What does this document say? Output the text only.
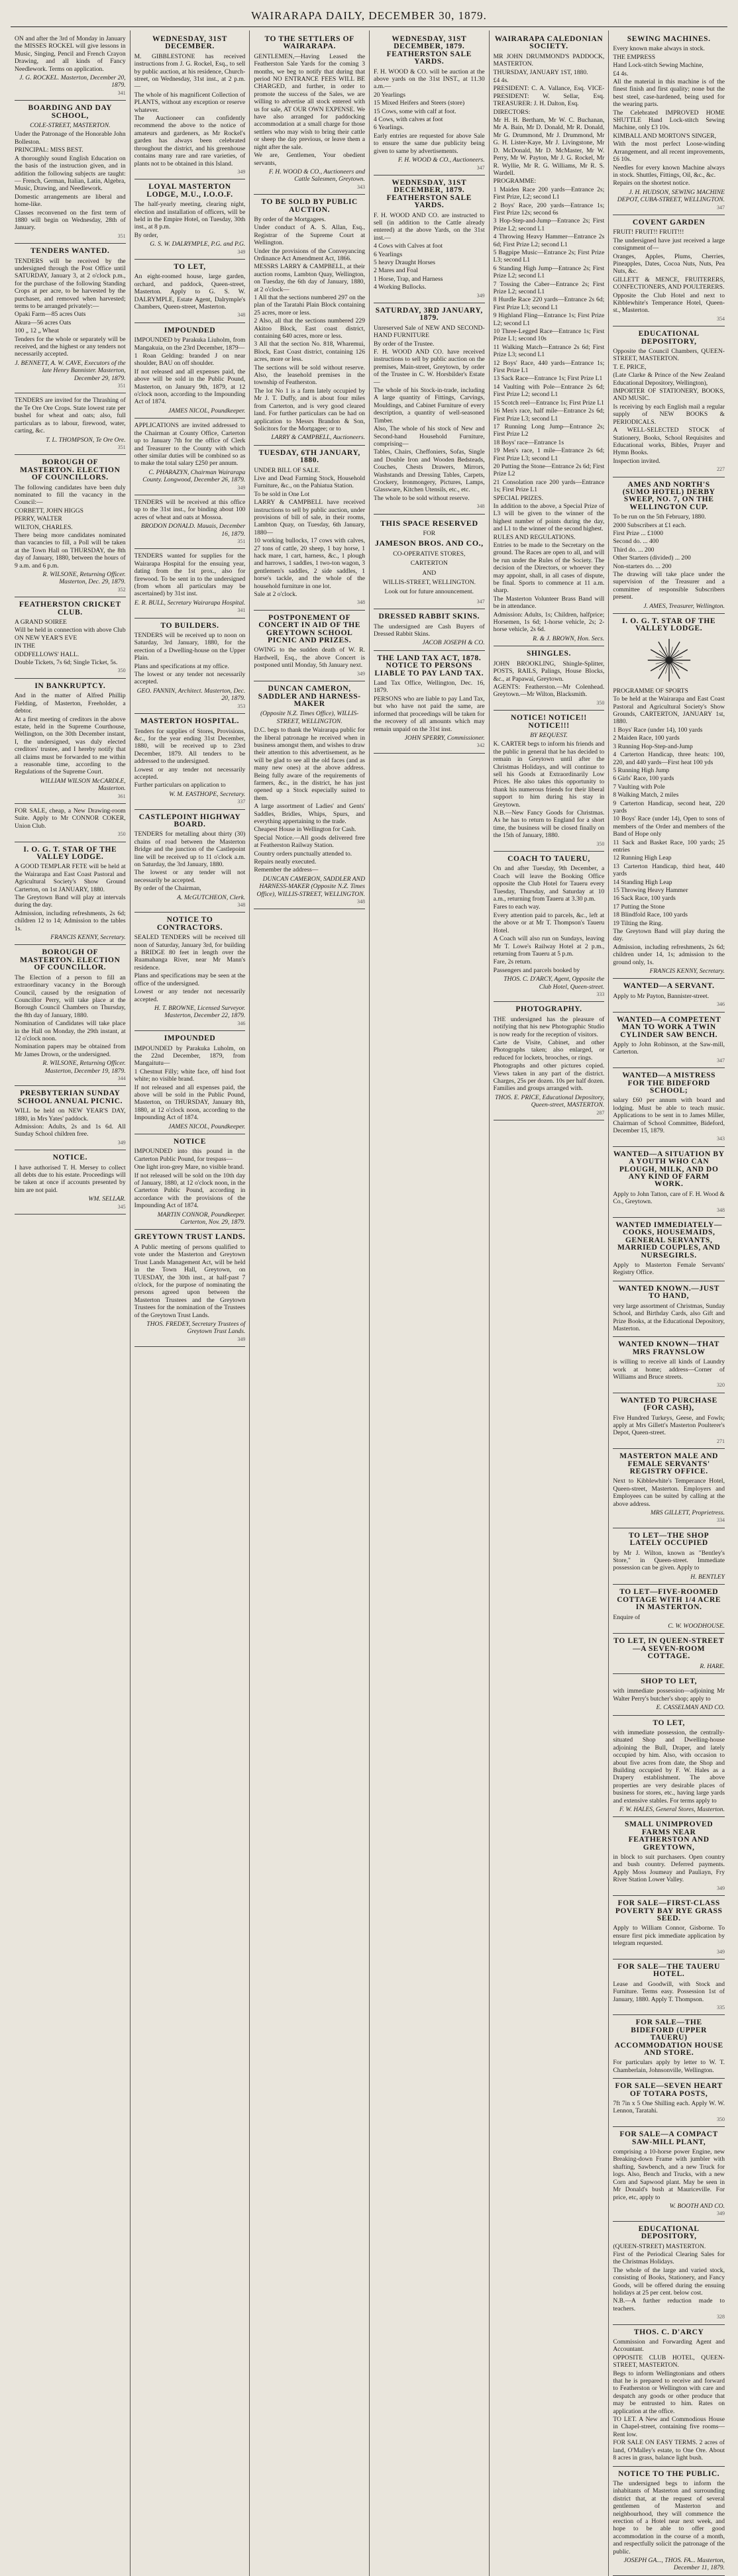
WAIRARAPA DAILY, DECEMBER 30, 1879.
ON and after the 3rd of Monday in January the MISSES ROCKEL will give lessons in Music, Singing, Pencil and French Crayon Drawing, and all kinds of Fancy Needlework. Terms on application.
J. G. ROCKEL. Masterton, December 20, 1879.
341
BOARDING AND DAY SCHOOL,
COLE-STREET, MASTERTON.
Under the Patronage of the Honorable John Bolleston.
PRINCIPAL: MISS BEST.
A thoroughly sound English Education on the basis of the instruction given, and in addition the following subjects are taught:— French, German, Italian, Latin, Algebra, Music, Drawing, and Needlework.
Domestic arrangements are liberal and home-like.
Classes reconvened on the first term of 1880 will begin on Wednesday, 28th of January.
351
TENDERS WANTED.
TENDERS will be received by the undersigned through the Post Office until SATURDAY, January 3, at 2 o'clock p.m., for the purchase of the following Standing Crops at per acre, to be harvested by the purchaser, and removed when harvested; terms to be arranged privately:—
Opaki Farm—85 acres Oats
Akura—56 acres Oats
100 „ 12 „ Wheat
Tenders for the whole or separately will be received, and the highest or any tenders not necessarily accepted.
J. BENNETT, A. W. CAVE, Executors of the late Henry Bannister. Masterton, December 29, 1879.
351
TENDERS are invited for the Thrashing of the Te Ore Ore Crops. State lowest rate per bushel for wheat and oats; also, full particulars as to labour, firewood, water, carting, &c.
T. L. THOMPSON, Te Ore Ore.
351
BOROUGH OF MASTERTON. ELECTION OF COUNCILLORS.
The following candidates have been duly nominated to fill the vacancy in the Council:—
CORBETT, JOHN HIGGS
PERRY, WALTER
WILTON, CHARLES.
There being more candidates nominated than vacancies to fill, a Poll will be taken at the Town Hall on THURSDAY, the 8th day of January, 1880, between the hours of 9 a.m. and 6 p.m.
R. WILSONE, Returning Officer. Masterton, Dec. 29, 1879.
352
FEATHERSTON CRICKET CLUB.
A GRAND SOIREE
Will be held in connection with above Club ON NEW YEAR'S EVE
IN THE
ODDFELLOWS' HALL.
Double Tickets, 7s 6d; Single Ticket, 5s.
350
IN BANKRUPTCY.
And in the matter of Alfred Phillip Fielding, of Masterton, Freeholder, a debtor.
At a first meeting of creditors in the above estate, held in the Supreme Courthouse, Wellington, on the 30th December instant, I, the undersigned, was duly elected creditors' trustee, and I hereby notify that all claims must be forwarded to me within a reasonable time, according to the Regulations of the Supreme Court.
WILLIAM WILSON McCARDLE, Masterton.
361
FOR SALE, cheap, a New Drawing-room Suite. Apply to Mr CONNOR COKER, Union Club.
350
I. O. G. T. STAR OF THE VALLEY LODGE.
A GOOD TEMPLAR FETE will be held at the Wairarapa and East Coast Pastoral and Agricultural Society's Show Ground Carterton, on 1st JANUARY, 1880.
The Greytown Band will play at intervals during the day.
Admission, including refreshments, 2s 6d; children 12 to 14; Admission to the tables 1s.
FRANCIS KENNY, Secretary.
BOROUGH OF MASTERTON. ELECTION OF COUNCILLOR.
The Election of a person to fill an extraordinary vacancy in the Borough Council, caused by the resignation of Councillor Perry, will take place at the Borough Council Chambers on Thursday, the 8th day of January, 1880.
Nomination of Candidates will take place in the Hall on Monday, the 29th instant, at 12 o'clock noon.
Nomination papers may be obtained from Mr James Drown, or the undersigned.
R. WILSONE, Returning Officer. Masterton, December 19, 1879.
344
PRESBYTERIAN SUNDAY SCHOOL ANNUAL PICNIC.
WILL be held on NEW YEAR'S DAY, 1880, in Mrs Yates' paddock.
Admission: Adults, 2s and 1s 6d. All Sunday School children free.
349
NOTICE.
I have authorised T. H. Mersey to collect all debts due to his estate. Proceedings will be taken at once if accounts presented by him are not paid.
WM. SELLAR.
345
WEDNESDAY, 31ST DECEMBER.
M. GIBBLESTONE has received instructions from J. G. Rockel, Esq., to sell by public auction, at his residence, Church-street, on Wednesday, 31st inst., at 2 p.m.—
The whole of his magnificent Collection of PLANTS, without any exception or reserve whatever.
The Auctioneer can confidently recommend the above to the notice of amateurs and gardeners, as Mr Rockel's garden has always been celebrated throughout the district, and his greenhouse contains many rare and rare varieties, of plants not to be obtained in this Island.
349
LOYAL MASTERTON LODGE, M.U., I.O.O.F.
The half-yearly meeting, clearing night, election and installation of officers, will be held in the Empire Hotel, on Tuesday, 30th inst., at 8 p.m.
By order,
G. S. W. DALRYMPLE, P.G. and P.G.
349
TO LET,
An eight-roomed house, large garden, orchard, and paddock, Queen-street, Masterton. Apply to G. S. W. DALRYMPLE, Estate Agent, Dalrymple's Chambers, Queen-street, Masterton.
348
IMPOUNDED
IMPOUNDED by Parakuka Liuholm, from Mangakuia, on the 23rd December, 1879—
1 Roan Gelding: branded J on near shoulder, BAU on off shoulder.
If not released and all expenses paid, the above will be sold in the Public Pound, Masterton, on January 9th, 1879, at 12 o'clock noon, according to the Impounding Act of 1874.
JAMES NICOL, Poundkeeper.
APPLICATIONS are invited addressed to the Chairman at County Office, Carterton up to January 7th for the office of Clerk and Treasurer to the County with which other similar duties will be combined so as to make the total salary £250 per annum.
C. PHARAZYN, Chairman Wairarapa County. Longwood, December 26, 1879.
349
TENDERS will be received at this office up to the 31st inst., for binding about 100 acres of wheat and oats at Mossoa.
BRODON DONALD. Mauais, December 16, 1879.
351
TENDERS wanted for supplies for the Wairarapa Hospital for the ensuing year, dating from the 1st prox., also for firewood. To be sent in to the undersigned (from whom all particulars may be ascertained) by 31st inst.
E. R. BULL, Secretary Wairarapa Hospital.
341
TO BUILDERS.
TENDERS will be received up to noon on Saturday, 3rd January, 1880, for the erection of a Dwelling-house on the Upper Plain.
Plans and specifications at my office.
The lowest or any tender not necessarily accepted.
GEO. FANNIN, Architect. Masterton, Dec. 20, 1879.
353
MASTERTON HOSPITAL.
Tenders for supplies of Stores, Provisions, &c., for the year ending 31st December, 1880, will be received up to 23rd December, 1879. All tenders to be addressed to the undersigned.
Lowest or any tender not necessarily accepted.
Further particulars on application to
W. M. EASTHOPE, Secretary.
337
CASTLEPOINT HIGHWAY BOARD.
TENDERS for metalling about thirty (30) chains of road between the Masterton Bridge and the junction of the Castlepoint line will be received up to 11 o'clock a.m. on Saturday, the 3rd January, 1880.
The lowest or any tender will not necessarily be accepted.
By order of the Chairman,
A. McGUTCHEON, Clerk.
348
NOTICE TO CONTRACTORS.
SEALED TENDERS will be received till noon of Saturday, January 3rd, for building a BRIDGE 80 feet in length over the Ruamahanga River, near Mr Mann's residence.
Plans and specifications may be seen at the office of the undersigned.
Lowest or any tender not necessarily accepted.
H. T. BROWNE, Licensed Surveyor. Masterton, December 22, 1879.
346
IMPOUNDED
IMPOUNDED by Parakuka Luholm, on the 22nd December, 1879, from Mangaitutu—
1 Chestnut Filly; white face, off hind foot white; no visible brand.
If not released and all expenses paid, the above will be sold in the Public Pound, Masterton, on THURSDAY, January 8th, 1880, at 12 o'clock noon, according to the Impounding Act of 1874.
JAMES NICOL, Poundkeeper.
NOTICE
IMPOUNDED into this pound in the Carterton Public Pound, for trespass—
One light iron-grey Mare, no visible brand.
If not released will be sold on the 10th day of January, 1880, at 12 o'clock noon, in the Carterton Public Pound, according in accordance with the provisions of the Impounding Act of 1874.
MARTIN CONNOR, Poundkeeper. Carterton, Nov. 29, 1879.
GREYTOWN TRUST LANDS.
A Public meeting of persons qualified to vote under the Masterton and Greytown Trust Lands Management Act, will be held in the Town Hall, Greytown, on TUESDAY, the 30th inst., at half-past 7 o'clock, for the purpose of nominating the persons agreed upon between the Masterton Trustees and the Greytown Trustees for the nomination of the Trustees of the Greytown Trust Lands.
THOS. FREDEY, Secretary Trustees of Greytown Trust Lands.
349
TO THE SETTLERS OF WAIRARAPA.
GENTLEMEN,—Having Leased the Featherston Sale Yards for the coming 3 months, we beg to notify that during that period NO ENTRANCE FEES WILL BE CHARGED, and further, in order to promote the success of the Sales, we are willing to advertise all stock entered with us for sale, AT OUR OWN EXPENSE. We have also arranged for paddocking accommodation at a small charge for those settlers who may wish to bring their cattle or sheep the day previous, or leave them a night after the sale.
We are, Gentlemen, Your obedient servants,
F. H. WOOD & CO., Auctioneers and Cattle Salesmen, Greytown.
343
TO BE SOLD BY PUBLIC AUCTION.
By order of the Mortgagees.
Under conduct of A. S. Allan, Esq., Registrar of the Supreme Court at Wellington.
Under the provisions of the Conveyancing Ordinance Act Amendment Act, 1866.
MESSRS LARRY & CAMPBELL, at their auction rooms, Lambton Quay, Wellington, on Tuesday, the 6th day of January, 1880, at 2 o'clock—
1 All that the sections numbered 297 on the plan of the Taratahi Plain Block containing 25 acres, more or less.
2 Also, all that the sections numbered 229 Akitoo Block, East coast district, containing 640 acres, more or less.
3 All that the section No. 818, Wharemui, Block, East Coast district, containing 126 acres, more or less.
The sections will be sold without reserve. Also, the leasehold premises in the township of Featherston.
The lot No 1 is a farm lately occupied by Mr J. T. Duffy, and is about four miles from Carterton, and is very good cleared land. For further particulars can be had on application to Messrs Brandon & Son, Solicitors for the Mortgagee; or to
LARRY & CAMPBELL, Auctioneers.
TUESDAY, 6TH JANUARY, 1880.
UNDER BILL OF SALE.
Live and Dead Farming Stock, Household Furniture, &c., on the Pahiatua Station.
To be sold in One Lot
LARRY & CAMPBELL have received instructions to sell by public auction, under provisions of bill of sale, in their rooms, Lambton Quay, on Tuesday, 6th January, 1880—
10 working bullocks, 17 cows with calves, 27 tons of cattle, 20 sheep, 1 bay horse, 1 hack mare, 1 cart, harness, &c., 1 plough and harrows, 1 saddles, 1 two-ton wagon, 3 gentlemen's saddles, 2 side saddles, 1 horse's tackle, and the whole of the household furniture in one lot.
Sale at 2 o'clock.
348
POSTPONEMENT OF CONCERT IN AID OF THE GREYTOWN SCHOOL PICNIC AND PRIZES.
OWING to the sudden death of W. R. Hardwell, Esq., the above Concert is postponed until Monday, 5th January next.
349
DUNCAN CAMERON, SADDLER AND HARNESS-MAKER
(Opposite N.Z. Times Office), WILLIS-STREET, WELLINGTON.
D.C. begs to thank the Wairarapa public for the liberal patronage he received when in business amongst them, and wishes to draw their attention to this advertisement, as he will be glad to see all the old faces (and as many new ones) at the above address. Being fully aware of the requirements of farmers, &c., in the district, he has just opened up a Stock especially suited to them.
A large assortment of Ladies' and Gents' Saddles, Bridles, Whips, Spurs, and everything appertaining to the trade.
Cheapest House in Wellington for Cash.
Special Notice.—All goods delivered free at Featherston Railway Station.
Country orders punctually attended to.
Repairs neatly executed.
Remember the address—
DUNCAN CAMERON, SADDLER AND HARNESS-MAKER (Opposite N.Z. Times Office), WILLIS-STREET, WELLINGTON.
348
WEDNESDAY, 31ST DECEMBER, 1879. FEATHERSTON SALE YARDS.
F. H. WOOD & CO. will be auction at the above yards on the 31st INST., at 11.30 a.m.—
20 Yearlings
15 Mixed Heifers and Steers (store)
15 Cows, some with calf at foot.
4 Cows, with calves at foot
6 Yearlings.
Early entries are requested for above Sale to ensure the same due publicity being given to same by advertisements.
F. H. WOOD & CO., Auctioneers.
347
WEDNESDAY, 31ST DECEMBER, 1879. FEATHERSTON SALE YARDS.
F. H. WOOD AND CO. are instructed to sell (in addition to the Cattle already entered) at the above Yards, on the 31st inst.—
4 Cows with Calves at foot
6 Yearlings
5 heavy Draught Horses
2 Mares and Foal
1 Horse, Trap, and Harness
4 Working Bullocks.
349
SATURDAY, 3RD JANUARY, 1879.
Unreserved Sale of NEW AND SECOND-HAND FURNITURE
By order of the Trustee.
F. H. WOOD AND CO. have received instructions to sell by public auction on the premises, Main-street, Greytown, by order of the Trustee in C. W. Horsbilder's Estate—
The whole of his Stock-in-trade, including A large quantity of Fittings, Carvings, Mouldings, and Cabinet Furniture of every description, a quantity of well-seasoned Timber.
Also, The whole of his stock of New and Second-hand Household Furniture, comprising—
Tables, Chairs, Cheffoniers, Sofas, Single and Double Iron and Wooden Bedsteads, Couches, Chests Drawers, Mirrors, Washstands and Dressing Tables, Carpets, Crockery, Ironmongery, Pictures, Lamps, Glassware, Kitchen Utensils, etc., etc.
The whole to be sold without reserve.
348
THIS SPACE RESERVED
FOR
JAMESON BROS. AND CO.,
CO-OPERATIVE STORES,
CARTERTON
AND
WILLIS-STREET, WELLINGTON.
Look out for future announcement.
347
DRESSED RABBIT SKINS.
The undersigned are Cash Buyers of Dressed Rabbit Skins.
JACOB JOSEPH & CO.
THE LAND TAX ACT, 1878. NOTICE TO PERSONS LIABLE TO PAY LAND TAX.
Land Tax Office, Wellington, Dec. 16, 1879.
PERSONS who are liable to pay Land Tax, but who have not paid the same, are informed that proceedings will be taken for the recovery of all amounts which may remain unpaid on the 31st inst.
JOHN SPERRY, Commissioner.
342
WAIRARAPA CALEDONIAN SOCIETY.
MR JOHN DRUMMOND'S PADDOCK, MASTERTON.
THURSDAY, JANUARY 1ST, 1880.
£4 4s.
PRESIDENT: C. A. Vallance, Esq. VICE-PRESIDENT: W. Sellar, Esq. TREASURER: J. H. Dalton, Esq.
DIRECTORS:
Mr H. H. Bertham, Mr W. C. Buchanan, Mr A. Bain, Mr D. Donald, Mr R. Donald, Mr G. Drummond, Mr J. Drummond, Mr G. H. Lister-Kaye, Mr J. Livingstone, Mr D. McDonald, Mr D. McMaster, Mr W. Perry, Mr W. Payton, Mr J. G. Rockel, Mr R. Wyllie, Mr R. G. Williams, Mr R. S. Wardell.
PROGRAMME:
1 Maiden Race 200 yards—Entrance 2s; First Prize, L2; second L1
2 Boys' Race, 200 yards—Entrance 1s; First Prize 12s; second 6s
3 Hop-Step-and-Jump—Entrance 2s; First Prize L2; second L1
4 Throwing Heavy Hammer—Entrance 2s 6d; First Prize L2; second L1
5 Bagpipe Music—Entrance 2s; First Prize L3; second L1
6 Standing High Jump—Entrance 2s; First Prize L2; second L1
7 Tossing the Caber—Entrance 2s; First Prize L2; second L1
8 Hurdle Race 220 yards—Entrance 2s 6d; First Prize L3; second L1
9 Highland Fling—Entrance 1s; First Prize L2; second L1
10 Three-Legged Race—Entrance 1s; First Prize L1; second 10s
11 Walking Match—Entrance 2s 6d; First Prize L3; second L1
12 Boys' Race, 440 yards—Entrance 1s; First Prize L1
13 Sack Race—Entrance 1s; First Prize L1
14 Vaulting with Pole—Entrance 2s 6d; First Prize L2; second L1
15 Scotch reel—Entrance 1s; First Prize L1
16 Men's race, half mile—Entrance 2s 6d; First Prize L3; second L1
17 Running Long Jump—Entrance 2s; First Prize L2
18 Boys' race—Entrance 1s
19 Men's race, 1 mile—Entrance 2s 6d; First Prize L3; second L1
20 Putting the Stone—Entrance 2s 6d; First Prize L2
21 Consolation race 200 yards—Entrance 1s; First Prize L1
SPECIAL PRIZES.
In addition to the above, a Special Prize of L3 will be given to the winner of the highest number of points during the day, and L1 to the winner of the second highest.
RULES AND REGULATIONS.
Entries to be made to the Secretary on the ground. The Races are open to all, and will be run under the Rules of the Society. The decision of the Directors, or whoever they may appoint, shall, in all cases of dispute, be final. Sports to commence at 11 a.m. sharp.
The Masterton Volunteer Brass Band will be in attendance.
Admission: Adults, 1s; Children, halfprice; Horsemen, 1s 6d; 1-horse vehicle, 2s; 2-horse vehicle, 2s 6d.
R. & J. BROWN, Hon. Secs.
SHINGLES.
JOHN BROOKLING, Shingle-Splitter, POSTS, RAILS, Palings, House Blocks, &c., at Papawai, Greytown.
AGENTS: Featherston.—Mr Colenhead. Greytown.—Mr Wilton, Blacksmith.
350
NOTICE! NOTICE!! NOTICE!!!
BY REQUEST.
K. CARTER begs to inform his friends and the public in general that he has decided to remain in Greytown until after the Christmas Holidays, and will continue to sell his Goods at Extraordinarily Low Prices. He also takes this opportunity to thank his numerous friends for their liberal support to him during his stay in Greytown.
N.B.—New Fancy Goods for Christmas. As he has to return to England for a short time, the business will be closed finally on the 15th of January, 1880.
350
COACH TO TAUERU,
On and after Tuesday, 9th December, a Coach will leave the Booking Office opposite the Club Hotel for Taueru every Tuesday, Thursday, and Saturday at 10 a.m., returning from Taueru at 3.30 p.m.
Fares to each way.
Every attention paid to parcels, &c., left at the above or at Mr T. Thompson's Taueru Hotel.
A Coach will also run on Sundays, leaving Mr T. Lowe's Railway Hotel at 2 p.m., returning from Taueru at 5 p.m.
Fare, 2s return.
Passengers and parcels booked by
THOS. C. D'ARCY, Agent, Opposite the Club Hotel, Queen-street.
333
PHOTOGRAPHY.
THE undersigned has the pleasure of notifying that his new Photographic Studio is now ready for the reception of visitors.
Carte de Visite, Cabinet, and other Photographs taken; also enlarged, or reduced for lockets, brooches, or rings.
Photographs and other pictures copied. Views taken in any part of the district. Charges, 25s per dozen. 10s per half dozen. Families and groups arranged with.
THOS. E. PRICE, Educational Depository, Queen-street, MASTERTON.
287
SEWING MACHINES.
Every known make always in stock.
THE EMPRESS
Hand Lock-stitch Sewing Machine,
£4 4s.
All the material in this machine is of the finest finish and first quality; none but the best steel, case-hardened, being used for the wearing parts.
The Celebrated IMPROVED HOME SHUTTLE Hand Lock-stitch Sewing Machine, only £3 10s.
KIMBALL AND MORTON'S SINGER,
With the most perfect Loose-winding Arrangement, and all recent improvements, £6 10s.
Needles for every known Machine always in stock. Shuttles, Fittings, Oil, &c., &c.
Repairs on the shortest notice.
J. H. HUDSON, SEWING MACHINE DEPOT, CUBA-STREET, WELLINGTON.
347
COVENT GARDEN
FRUIT! FRUIT!! FRUIT!!!
The undersigned have just received a large consignment of—
Oranges, Apples, Plums, Cherries, Pineapples, Dates, Cocoa Nuts, Nuts, Pea Nuts, &c.
GILLETT & MENCE, FRUITERERS, CONFECTIONERS, AND POULTERERS.
Opposite the Club Hotel and next to Kibblewhite's Temperance Hotel, Queen-st., Masterton.
354
EDUCATIONAL DEPOSITORY,
Opposite the Council Chambers, QUEEN-STREET, MASTERTON.
T. E. PRICE,
(Late Clarke & Prince of the New Zealand Educational Depository, Wellington),
IMPORTER OF STATIONERY, BOOKS, AND MUSIC.
Is receiving by each English mail a regular supply of NEW BOOKS & PERIODICALS.
A WELL-SELECTED STOCK of Stationery, Books, School Requisites and Educational works, Bibles, Prayer and Hymn Books.
Inspection invited.
227
AMES AND NORTH'S (SUMO HOTEL) DERBY SWEEP, NO. 7, ON THE WELLINGTON CUP.
To be run on the 5th February, 1880.
2000 Subscribers at £1 each.
First Prize ... £1000
Second do. ... 400
Third do. ... 200
Other Starters (divided) ... 200
Non-starters do. ... 200
The drawing will take place under the supervision of the Treasurer and a committee of responsible Subscribers present.
J. AMES, Treasurer, Wellington.
I. O. G. T. STAR OF THE VALLEY LODGE.
PROGRAMME OF SPORTS
To be held at the Wairarapa and East Coast Pastoral and Agricultural Society's Show Grounds, CARTERTON, JANUARY 1st, 1880.
1 Boys' Race (under 14), 100 yards
2 Maiden Race, 100 yards
3 Running Hop-Step-and-Jump
4 Carterton Handicap, three heats: 100, 220, and 440 yards—First heat 100 yds
5 Running High Jump
6 Girls' Race, 100 yards
7 Vaulting with Pole
8 Walking Match, 2 miles
9 Carterton Handicap, second heat, 220 yards
10 Boys' Race (under 14), Open to sons of members of the Order and members of the Band of Hope only
11 Sack and Basket Race, 100 yards; 25 entries
12 Running High Leap
13 Carterton Handicap, third heat, 440 yards
14 Standing High Leap
15 Throwing Heavy Hammer
16 Sack Race, 100 yards
17 Putting the Stone
18 Blindfold Race, 100 yards
19 Tilting the Ring.
The Greytown Band will play during the day.
Admission, including refreshments, 2s 6d; children under 14, 1s; admission to the ground only, 1s.
FRANCIS KENNY, Secretary.
WANTED—A SERVANT.
Apply to Mr Payton, Bannister-street.
346
WANTED—A COMPETENT MAN TO WORK A TWIN CYLINDER SAW BENCH.
Apply to John Robinson, at the Saw-mill, Carterton.
347
WANTED—A MISTRESS FOR THE BIDEFORD SCHOOL;
salary £60 per annum with board and lodging. Must be able to teach music. Applications to be sent in to James Miller, Chairman of School Committee, Bideford, December 15, 1879.
343
WANTED—A SITUATION BY A YOUTH WHO CAN PLOUGH, MILK, AND DO ANY KIND OF FARM WORK.
Apply to John Tatton, care of F. H. Wood & Co., Greytown.
348
WANTED IMMEDIATELY—COOKS, HOUSEMAIDS, GENERAL SERVANTS, MARRIED COUPLES, AND NURSEGIRLS.
Apply to Masterton Female Servants' Registry Office.
WANTED KNOWN.—JUST TO HAND,
very large assortment of Christmas, Sunday School, and Birthday Cards, also Gift and Prize Books, at the Educational Depository, Masterton.
WANTED KNOWN—THAT MRS FRAYNSLOW
is willing to receive all kinds of Laundry work at home; address—Corner of Williams and Bruce streets.
320
WANTED TO PURCHASE (FOR CASH),
Five Hundred Turkeys, Geese, and Fowls; apply at Mrs Gillett's Masterton Poulterer's Depot, Queen-street.
271
MASTERTON MALE AND FEMALE SERVANTS' REGISTRY OFFICE.
Next to Kibblewhite's Temperance Hotel, Queen-street, Masterton. Employers and Employees can be suited by calling at the above address.
MRS GILLETT, Proprietress.
334
TO LET—THE SHOP LATELY OCCUPIED
by Mr J. Wilton, known as "Bentley's Store," in Queen-street. Immediate possession can be given. Apply to
H. BENTLEY
TO LET—FIVE-ROOMED COTTAGE WITH 1/4 ACRE IN MASTERTON.
Enquire of
C. W. WOODHOUSE.
TO LET, IN QUEEN-STREET—A SEVEN-ROOM COTTAGE.
R. HARE.
SHOP TO LET,
with immediate possession—adjoining Mr Walter Perry's butcher's shop; apply to
E. CASSELMAN AND CO.
TO LET,
with immediate possession, the centrally-situated Shop and Dwelling-house adjoining the Bull, Draper, and lately occupied by him. Also, with occasion to about five acres from date, the Shop and Building occupied by F. W. Hales as a Drapery establishment. The above properties are very desirable places of business for stores, etc., having large yards and extensive stables. For terms apply to
F. W. HALES, General Stores, Masterton.
SMALL UNIMPROVED FARMS NEAR FEATHERSTON AND GREYTOWN,
in block to suit purchasers. Open country and bush country. Deferred payments. Apply Moss Joumeay and Pauliayn, Fry River Station Lower Valley.
349
FOR SALE—FIRST-CLASS POVERTY BAY RYE GRASS SEED.
Apply to William Connor, Gisborne. To ensure first pick immediate application by telegram requested.
349
FOR SALE—THE TAUERU HOTEL.
Lease and Goodwill, with Stock and Furniture. Terms easy. Possession 1st of January, 1880. Apply T. Thompson.
335
FOR SALE—THE BIDEFORD (UPPER TAUERU) ACCOMMODATION HOUSE AND STORE.
For particulars apply by letter to W. T. Chamberlain, Johnsonville, Wellington.
FOR SALE—SEVEN HEART OF TOTARA POSTS,
7ft 7in x 5 One Shilling each. Apply W. W. Lennon, Taratahi.
350
FOR SALE—A COMPACT SAW-MILL PLANT,
comprising a 10-horse power Engine, new Breaking-down Frame with jumbler with shafting, Sawbench, and a new Truck for logs. Also, Bench and Trucks, with a new Corn and Sapwood plant. May be seen in Mr Donald's bush at Mauriceville. For price, etc, apply to
W. BOOTH AND CO.
349
EDUCATIONAL DEPOSITORY,
(QUEEN-STREET) MASTERTON.
First of the Periodical Clearing Sales for the Christmas Holidays.
The whole of the large and varied stock, consisting of Books, Stationery, and Fancy Goods, will be offered during the ensuing holidays at 25 per cent. below cost.
N.B.—A further reduction made to teachers.
328
THOS. C. D'ARCY
Commission and Forwarding Agent and Accountant.
OPPOSITE CLUB HOTEL, QUEEN-STREET, MASTERTON.
Begs to inform Wellingtonians and others that he is prepared to receive and forward to Featherston or Wellington with care and despatch any goods or other produce that may be entrusted to him. Rates on application at the office.
TO LET. A New and Commodious House in Chapel-street, containing five rooms—Rent low.
FOR SALE ON EASY TERMS. 2 acres of land, O'Malley's estate, to One Ore. About 8 acres in grass, balance light bush.
NOTICE TO THE PUBLIC.
The undersigned begs to inform the inhabitants of Masterton and surrounding district that, at the request of several gentlemen of Masterton and neighbourhood, they will commence the erection of a Hotel near next week, and hope to be able to offer good accommodation in the course of a month, and respectfully solicit the patronage of the public.
JOSEPH GA..., THOS. FA... Masterton, December 11, 1879.
